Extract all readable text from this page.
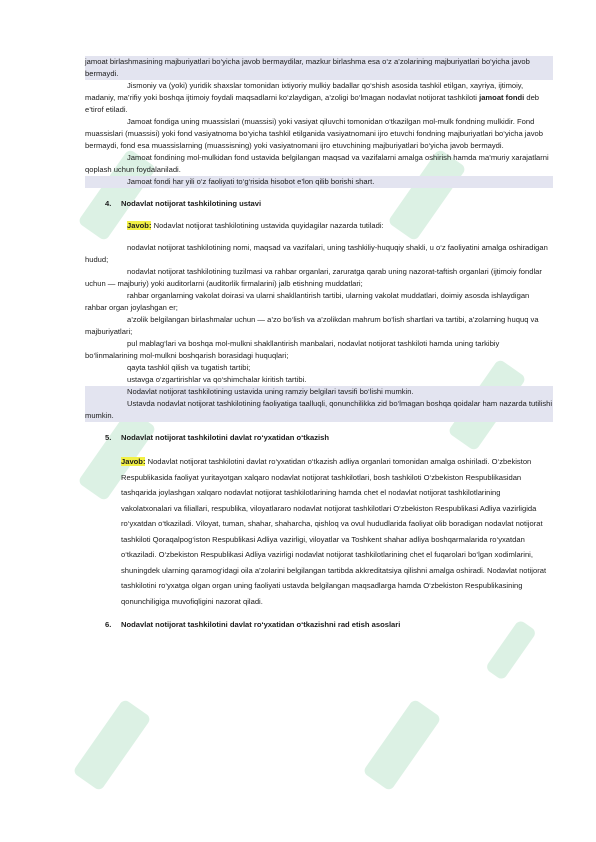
jamoat birlashmasining majburiyatlari bo‘yicha javob bermaydilar, mazkur birlashma esa o‘z a’zolarining majburiyatlari bo‘yicha javob bermaydi.

Jismoniy va (yoki) yuridik shaxslar tomonidan ixtiyoriy mulkiy badallar qo‘shish asosida tashkil etilgan, xayriya, ijtimoiy, madaniy, ma’rifiy yoki boshqa ijtimoiy foydali maqsadlarni ko‘zlaydigan, a’zoligi bo‘lmagan nodavlat notijorat tashkiloti jamoat fondi deb e’tirof etiladi.

Jamoat fondiga uning muassislari (muassisi) yoki vasiyat qiluvchi tomonidan o‘tkazilgan mol-mulk fondning mulkidir. Fond muassislari (muassisi) yoki fond vasiyatnoma bo‘yicha tashkil etilganida vasiyatnomani ijro etuvchi fondning majburiyatlari bo‘yicha javob bermaydi, fond esa muassislarning (muassisning) yoki vasiyatnomani ijro etuvchining majburiyatlari bo‘yicha javob bermaydi.

Jamoat fondining mol-mulkidan fond ustavida belgilangan maqsad va vazifalarni amalga oshirish hamda ma’muriy xarajatlarni qoplash uchun foydalaniladi.

Jamoat fondi har yili o‘z faoliyati to‘g‘risida hisobot e’lon qilib borishi shart.

4. Nodavlat notijorat tashkilotining ustavi

Javob: Nodavlat notijorat tashkilotining ustavida quyidagilar nazarda tutiladi:

nodavlat notijorat tashkilotining nomi, maqsad va vazifalari, uning tashkiliy-huquqiy shakli, u o‘z faoliyatini amalga oshiradigan hudud;

nodavlat notijorat tashkilotining tuzilmasi va rahbar organlari, zaruratga qarab uning nazorat-taftish organlari (ijtimoiy fondlar uchun — majburiy) yoki auditorlarni (auditorlik firmalarini) jalb etishning muddatlari;

rahbar organlarning vakolat doirasi va ularni shakllantirish tartibi, ularning vakolat muddatlari, doimiy asosda ishlaydigan rahbar organ joylashgan er;

a’zolik belgilangan birlashmalar uchun — a’zo bo‘lish va a’zolikdan mahrum bo‘lish shartlari va tartibi, a’zolarning huquq va majburiyatlari;

pul mablag‘lari va boshqa mol-mulkni shakllantirish manbalari, nodavlat notijorat tashkiloti hamda uning tarkibiy bo‘linmalarining mol-mulkni boshqarish borasidagi huquqlari;

qayta tashkil qilish va tugatish tartibi;

ustavga o‘zgartirishlar va qo‘shimchalar kiritish tartibi.

Nodavlat notijorat tashkilotining ustavida uning ramziy belgilari tavsifi bo‘lishi mumkin.

Ustavda nodavlat notijorat tashkilotining faoliyatiga taalluqli, qonunchilikka zid bo‘lmagan boshqa qoidalar ham nazarda tutilishi mumkin.

5. Nodavlat notijorat tashkilotini davlat ro‘yxatidan o‘tkazish

Javob: Nodavlat notijorat tashkilotini davlat ro‘yxatidan o‘tkazish adliya organlari tomonidan amalga oshiriladi. O‘zbekiston Respublikasida faoliyat yuritayotgan xalqaro nodavlat notijorat tashkilotlari, bosh tashkiloti O‘zbekiston Respublikasidan tashqarida joylashgan xalqaro nodavlat notijorat tashkilotlarining hamda chet el nodavlat notijorat tashkilotlarining vakolatxonalari va filiallari, respublika, viloyatlararo nodavlat notijorat tashkilotlari O‘zbekiston Respublikasi Adliya vazirligida ro‘yxatdan o‘tkaziladi. Viloyat, tuman, shahar, shaharcha, qishloq va ovul hududlarida faoliyat olib boradigan nodavlat notijorat tashkiloti Qoraqalpog‘iston Respublikasi Adliya vazirligi, viloyatlar va Toshkent shahar adliya boshqarmalarida ro‘yxatdan o‘tkaziladi. O‘zbekiston Respublikasi Adliya vazirligi nodavlat notijorat tashkilotlarining chet el fuqarolari bo‘lgan xodimlarini, shuningdek ularning qaramog‘idagi oila a’zolarini belgilangan tartibda akkreditatsiya qilishni amalga oshiradi. Nodavlat notijorat tashkilotini ro‘yxatga olgan organ uning faoliyati ustavda belgilangan maqsadlarga hamda O‘zbekiston Respublikasining qonunchiligiga muvofiqligini nazorat qiladi.

6. Nodavlat notijorat tashkilotini davlat ro‘yxatidan o‘tkazishni rad etish asoslari
